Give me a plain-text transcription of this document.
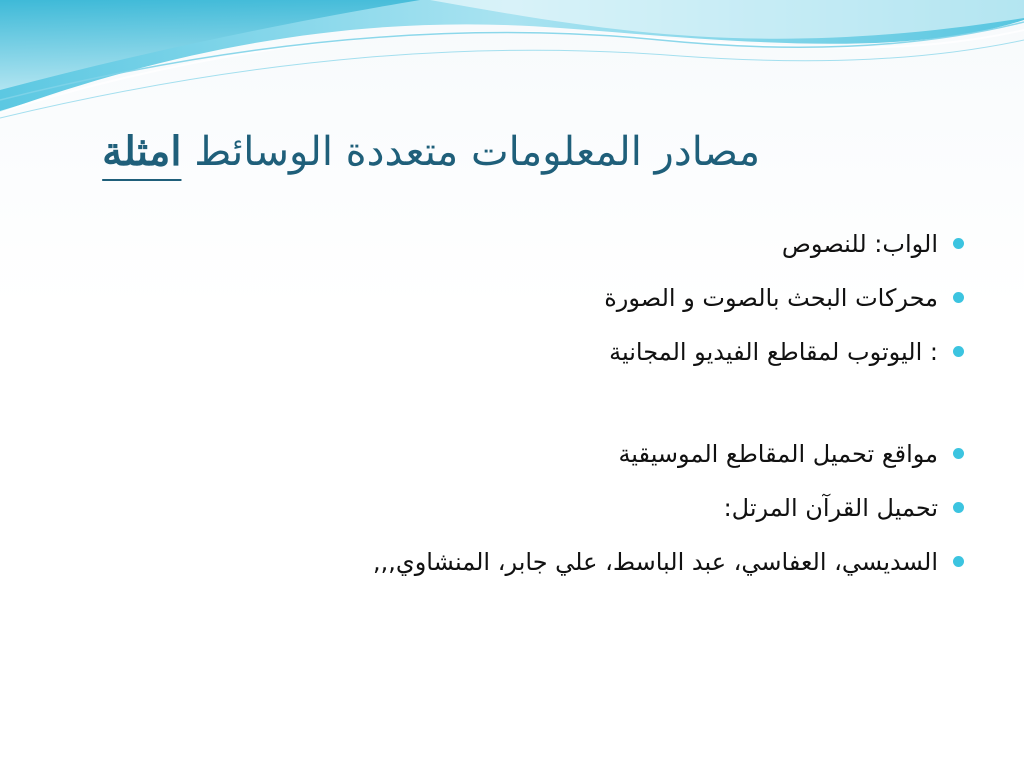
مصادر المعلومات متعددة الوسائط امثلة
الواب: للنصوص
محركات البحث بالصوت و الصورة
: اليوتوب لمقاطع الفيديو المجانية
مواقع تحميل المقاطع الموسيقية
تحميل القرآن المرتل:
السديسي، العفاسي، عبد الباسط، علي جابر، المنشاوي,,,
